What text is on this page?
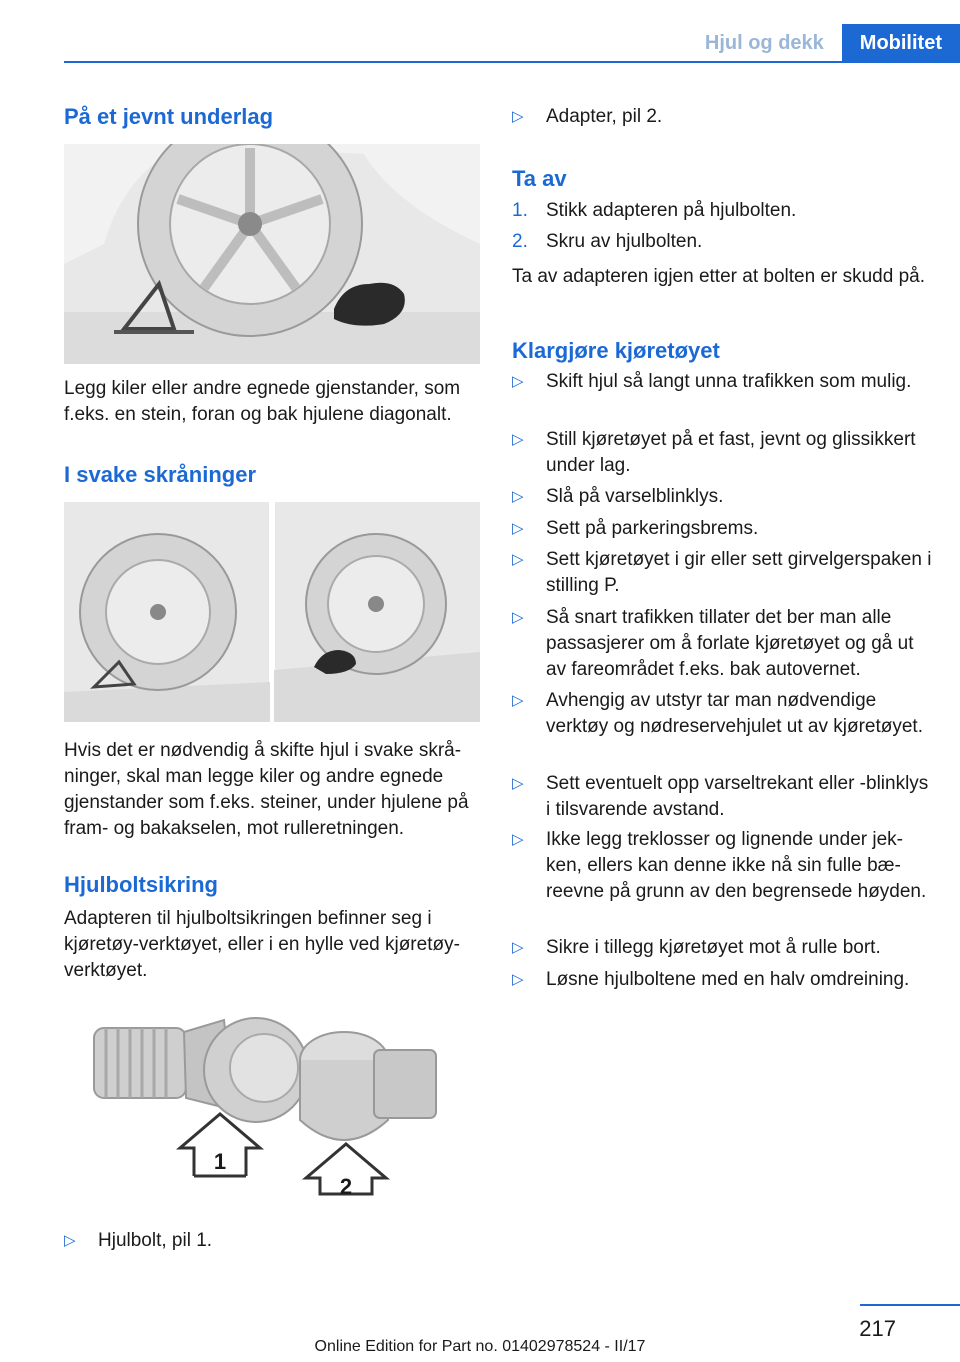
Hjul og dekk	Mobilitet
På et jevnt underlag

Legg kiler eller andre egnede gjenstander, som f.eks. en stein, foran og bak hjulene diagonalt.

I svake skråninger

Hvis det er nødvendig å skifte hjul i svake skråninger, skal man legge kiler og andre egnede gjenstander som f.eks. steiner, under hjulene på fram- og bakakselen, mot rulleretningen.

Hjulboltsikring

Adapteren til hjulboltsikringen befinner seg i kjøretøy-verktøyet, eller i en hylle ved kjøretøyverktøyet.

1
2
▷ Hjulbolt, pil 1.
▷ Adapter, pil 2.
Ta av
1. Stikk adapteren på hjulbolten.
2. Skru av hjulbolten.

Ta av adapteren igjen etter at bolten er skudd på.

Klargjøre kjøretøyet
▷ Skift hjul så langt unna trafikken som mulig.
▷ Still kjøretøyet på et fast, jevnt og glissikkert under lag.
▷ Slå på varselblinklys.
▷ Sett på parkeringsbrems.
▷ Sett kjøretøyet i gir eller sett girvelgerspaken i stilling P.
▷ Så snart trafikken tillater det ber man alle passasjerer om å forlate kjøretøyet og gå ut av fareområdet f.eks. bak autovernet.
▷ Avhengig av utstyr tar man nødvendige verktøy og nødreservehjulet ut av kjøretøyet.
▷ Sett eventuelt opp varseltrekant eller -blinklys i tilsvarende avstand.
▷ Ikke legg treklosser og lignende under jekken, ellers kan denne ikke nå sin fulle bæreevne på grunn av den begrensede høyden.
▷ Sikre i tillegg kjøretøyet mot å rulle bort.
▷ Løsne hjulboltene med en halv omdreining.
217
Online Edition for Part no. 01402978524 - II/17
